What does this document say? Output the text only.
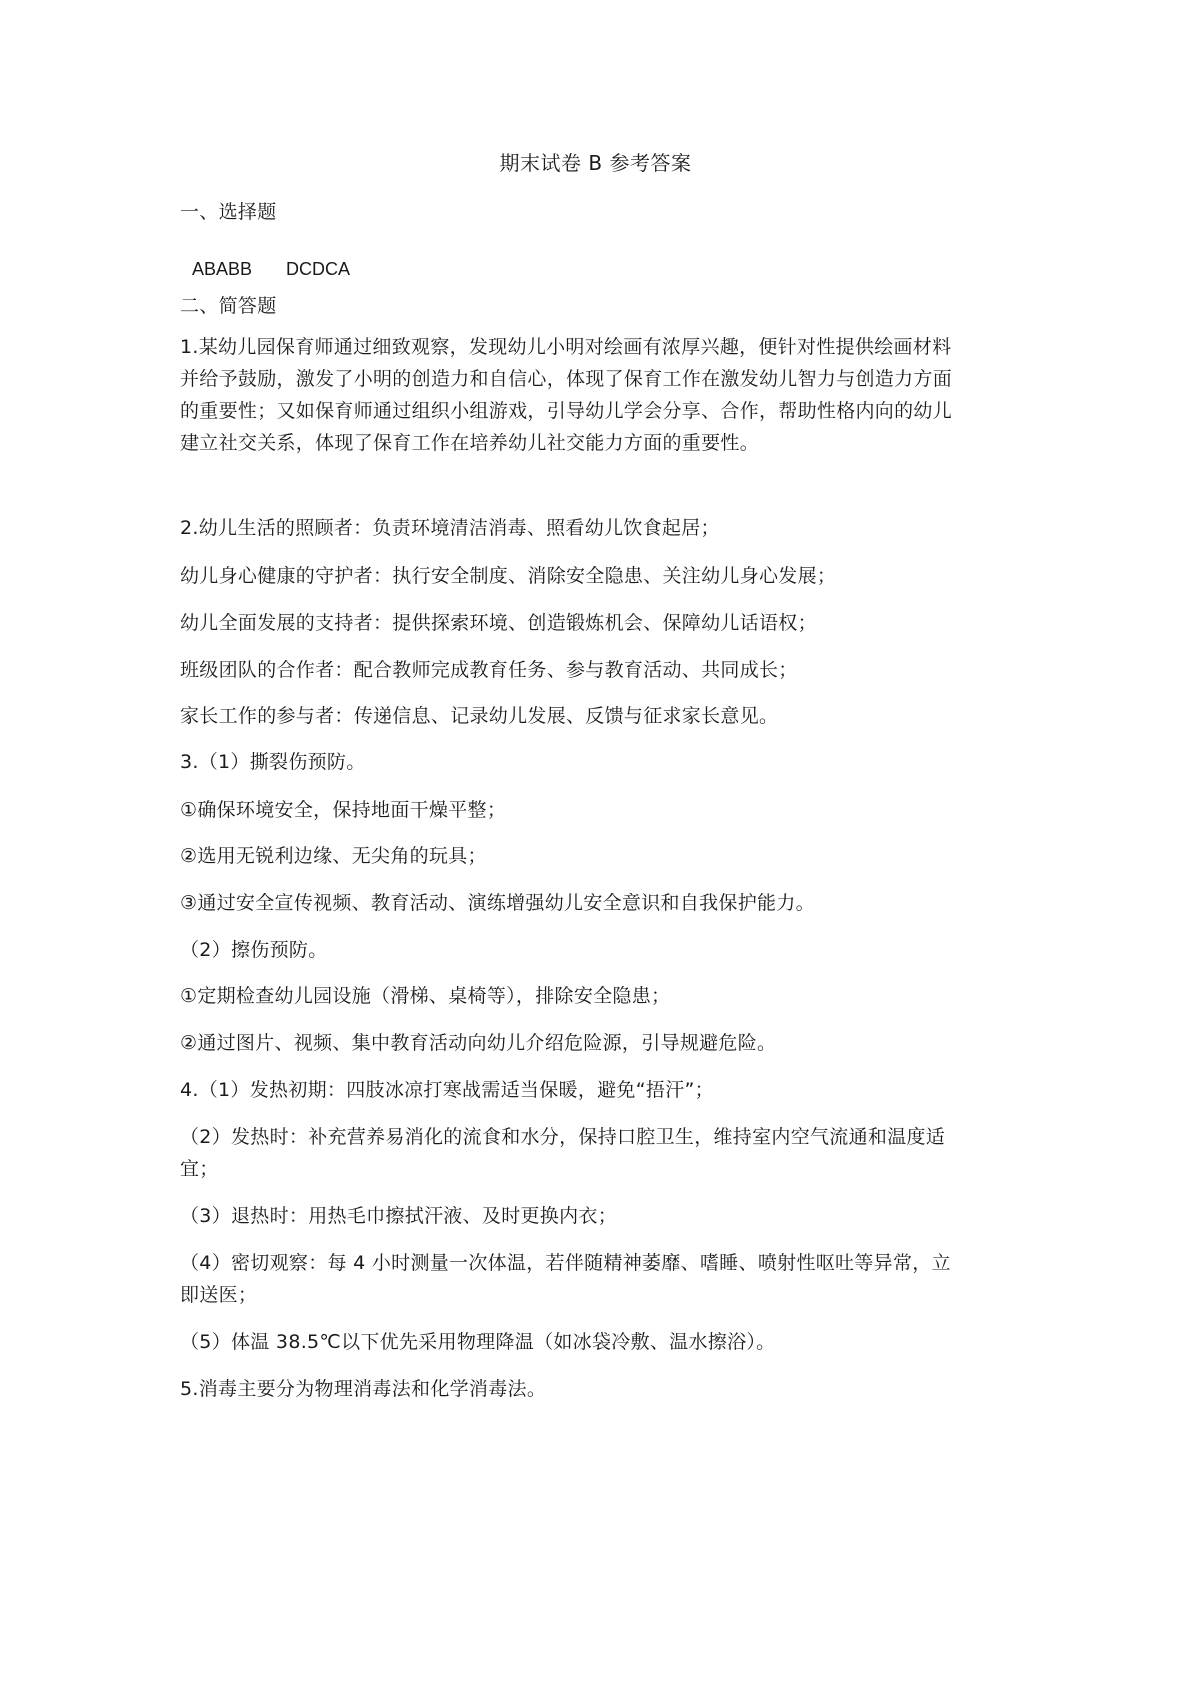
期末试卷 B 参考答案
一、选择题
ABABB DCDCA
二、简答题
1.某幼儿园保育师通过细致观察，发现幼儿小明对绘画有浓厚兴趣，便针对性提供绘画材料
并给予鼓励，激发了小明的创造力和自信心，体现了保育工作在激发幼儿智力与创造力方面
的重要性；又如保育师通过组织小组游戏，引导幼儿学会分享、合作，帮助性格内向的幼儿
建立社交关系，体现了保育工作在培养幼儿社交能力方面的重要性。
2.幼儿生活的照顾者：负责环境清洁消毒、照看幼儿饮食起居；
幼儿身心健康的守护者：执行安全制度、消除安全隐患、关注幼儿身心发展；
幼儿全面发展的支持者：提供探索环境、创造锻炼机会、保障幼儿话语权；
班级团队的合作者：配合教师完成教育任务、参与教育活动、共同成长；
家长工作的参与者：传递信息、记录幼儿发展、反馈与征求家长意见。
3.（1）撕裂伤预防。
①确保环境安全，保持地面干燥平整；
②选用无锐利边缘、无尖角的玩具；
③通过安全宣传视频、教育活动、演练增强幼儿安全意识和自我保护能力。
（2）擦伤预防。
①定期检查幼儿园设施（滑梯、桌椅等），排除安全隐患；
②通过图片、视频、集中教育活动向幼儿介绍危险源，引导规避危险。
4.（1）发热初期：四肢冰凉打寒战需适当保暖，避免“捂汗”；
（2）发热时：补充营养易消化的流食和水分，保持口腔卫生，维持室内空气流通和温度适
宜；
（3）退热时：用热毛巾擦拭汗液、及时更换内衣；
（4）密切观察：每 4 小时测量一次体温，若伴随精神萎靡、嗜睡、喷射性呕吐等异常，立
即送医；
（5）体温 38.5℃以下优先采用物理降温（如冰袋冷敷、温水擦浴）。
5.消毒主要分为物理消毒法和化学消毒法。
